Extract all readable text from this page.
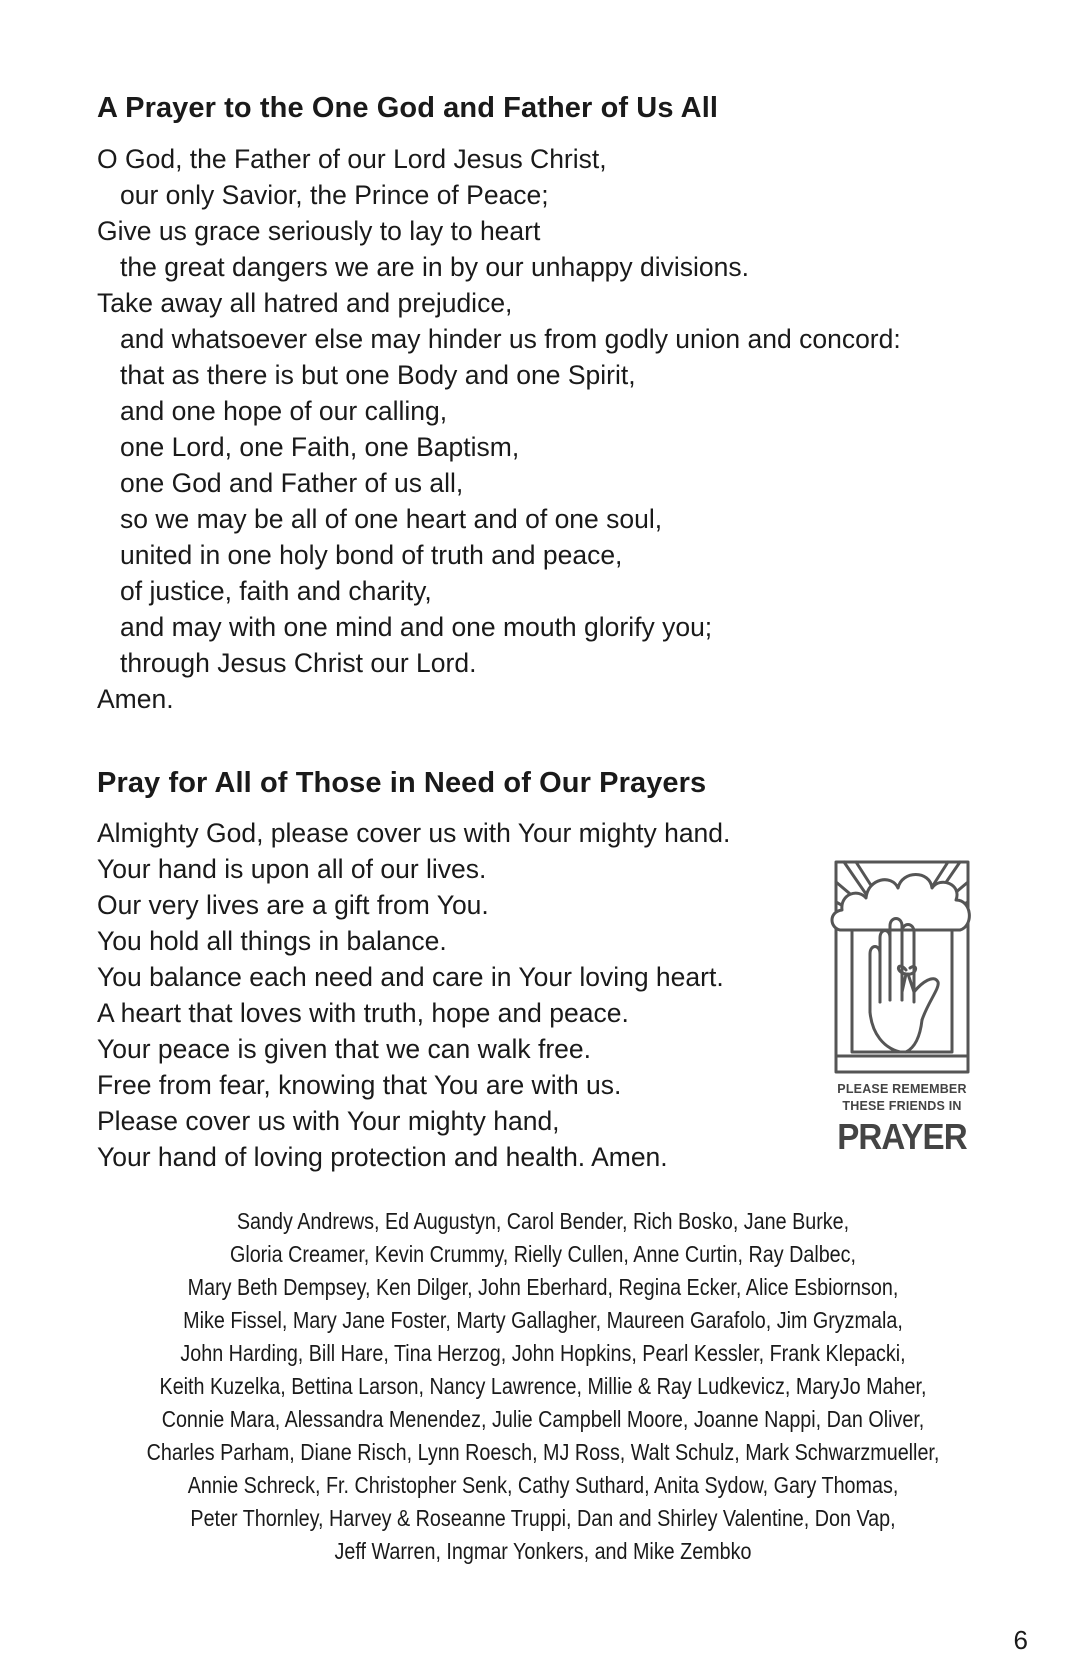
A Prayer to the One God and Father of Us All
O God, the Father of our Lord Jesus Christ,
our only Savior, the Prince of Peace;
Give us grace seriously to lay to heart
the great dangers we are in by our unhappy divisions.
Take away all hatred and prejudice,
and whatsoever else may hinder us from godly union and concord:
that as there is but one Body and one Spirit,
and one hope of our calling,
one Lord, one Faith, one Baptism,
one God and Father of us all,
so we may be all of one heart and of one soul,
united in one holy bond of truth and peace,
of justice, faith and charity,
and may with one mind and one mouth glorify you;
through Jesus Christ our Lord.
Amen.
Pray for All of Those in Need of Our Prayers
Almighty God, please cover us with Your mighty hand.
Your hand is upon all of our lives.
Our very lives are a gift from You.
You hold all things in balance.
You balance each need and care in Your loving heart.
A heart that loves with truth, hope and peace.
Your peace is given that we can walk free.
Free from fear, knowing that You are with us.
Please cover us with Your mighty hand,
Your hand of loving protection and health. Amen.
PLEASE REMEMBER
THESE FRIENDS IN
PRAYER
Sandy Andrews, Ed Augustyn, Carol Bender, Rich Bosko, Jane Burke,
Gloria Creamer, Kevin Crummy, Rielly Cullen, Anne Curtin, Ray Dalbec,
Mary Beth Dempsey, Ken Dilger, John Eberhard, Regina Ecker, Alice Esbiornson,
Mike Fissel, Mary Jane Foster, Marty Gallagher, Maureen Garafolo, Jim Gryzmala,
John Harding, Bill Hare, Tina Herzog, John Hopkins, Pearl Kessler, Frank Klepacki,
Keith Kuzelka, Bettina Larson, Nancy Lawrence, Millie & Ray Ludkevicz, MaryJo Maher,
Connie Mara, Alessandra Menendez, Julie Campbell Moore, Joanne Nappi, Dan Oliver,
Charles Parham, Diane Risch, Lynn Roesch, MJ Ross, Walt Schulz, Mark Schwarzmueller,
Annie Schreck, Fr. Christopher Senk, Cathy Suthard, Anita Sydow, Gary Thomas,
Peter Thornley, Harvey & Roseanne Truppi, Dan and Shirley Valentine, Don Vap,
Jeff Warren, Ingmar Yonkers, and Mike Zembko
6
